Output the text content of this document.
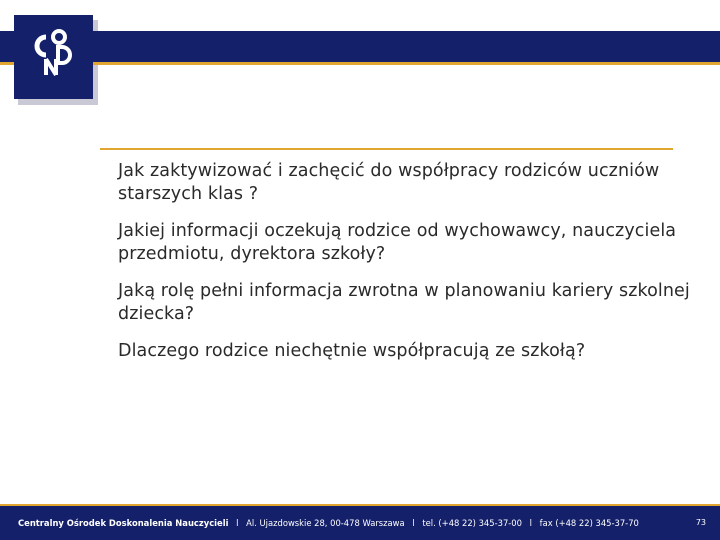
Jak zaktywizować i zachęcić do współpracy rodziców uczniów starszych klas ?
Jakiej informacji oczekują rodzice od wychowawcy, nauczyciela przedmiotu, dyrektora szkoły?
Jaką rolę pełni informacja zwrotna w planowaniu kariery szkolnej dziecka?
Dlaczego rodzice niechętnie współpracują ze szkołą?
Centralny Ośrodek Doskonalenia Nauczycieli l Al. Ujazdowskie 28, 00-478 Warszawa l tel. (+48 22) 345-37-00 l fax (+48 22) 345-37-70	73
